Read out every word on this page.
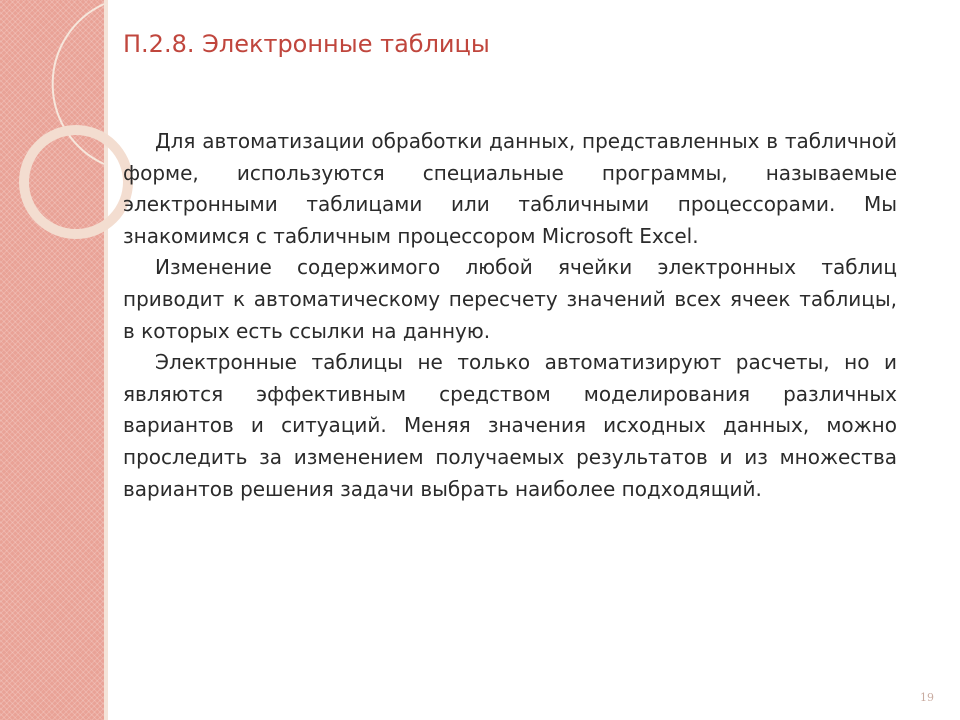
П.2.8. Электронные таблицы

Для автоматизации обработки данных, представленных в табличной форме, используются специальные программы, называемые электронными таблицами или табличными процессорами. Мы знакомимся с табличным процессором Microsoft Excel.

Изменение содержимого любой ячейки электронных таблиц приводит к автоматическому пересчету значений всех ячеек таблицы, в которых есть ссылки на данную.

Электронные таблицы не только автоматизируют расчеты, но и являются эффективным средством моделирования различных вариантов и ситуаций. Меняя значения исходных данных, можно проследить за изменением получаемых результатов и из множества вариантов решения задачи выбрать наиболее подходящий.

19
